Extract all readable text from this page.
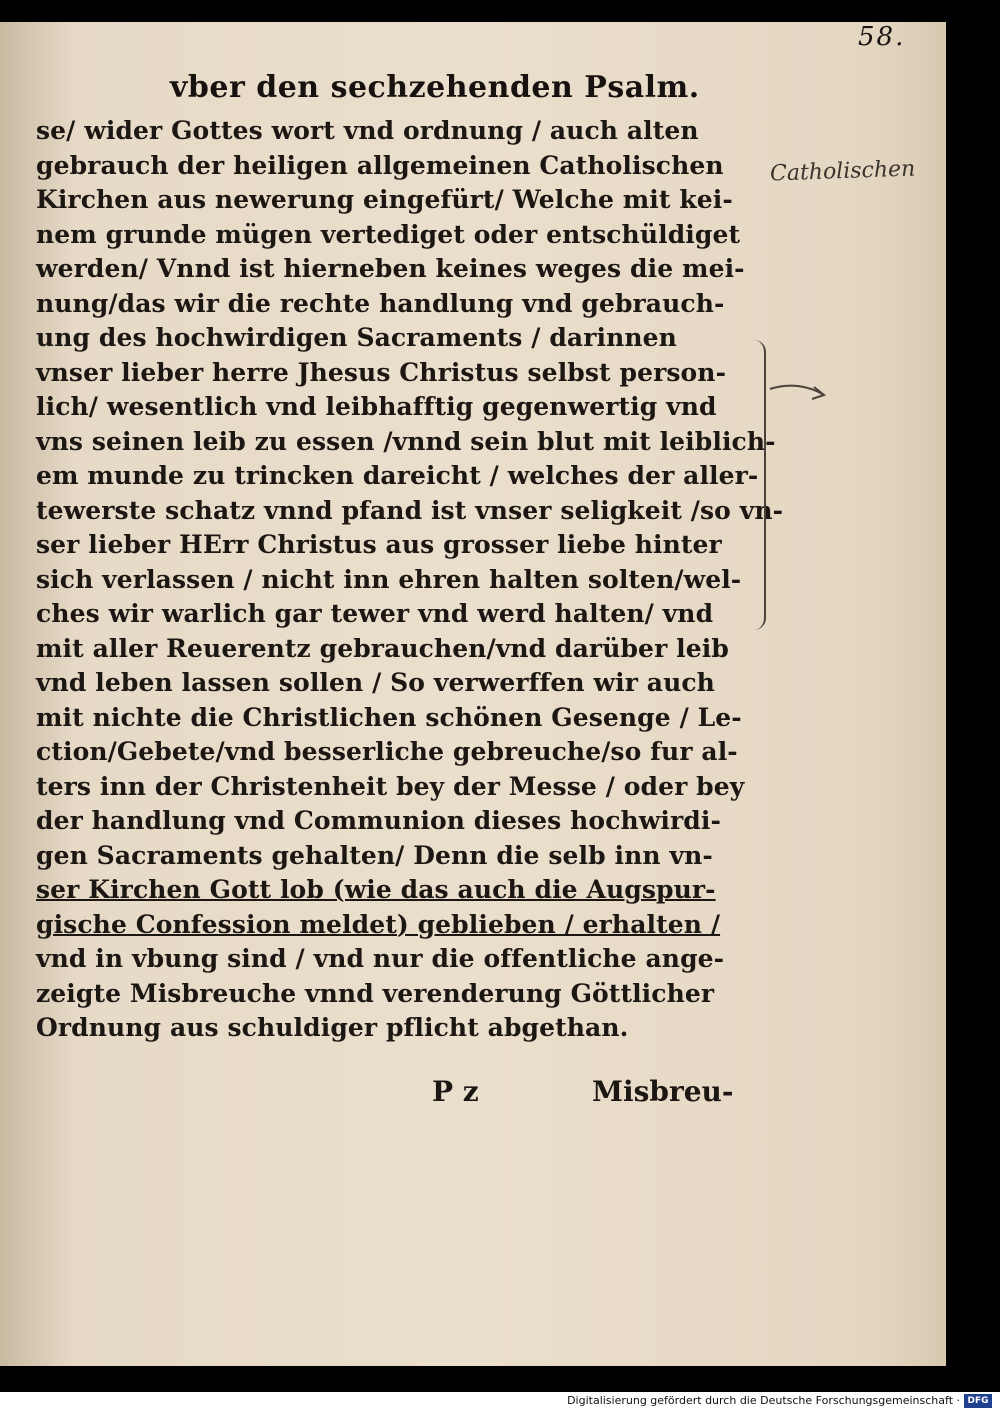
58.
vber den sechzehenden Psalm.
se/ wider Gottes wort vnd ordnung / auch alten
gebrauch der heiligen allgemeinen Catholischen
Kirchen aus newerung eingefürt/ Welche mit kei-
nem grunde mügen vertediget oder entschüldiget
werden/ Vnnd ist hierneben keines weges die mei-
nung/das wir die rechte handlung vnd gebrauch-
ung des hochwirdigen Sacraments / darinnen
vnser lieber herre Jhesus Christus selbst person-
lich/ wesentlich vnd leibhafftig gegenwertig vnd
vns seinen leib zu essen /vnnd sein blut mit leiblich-
em munde zu trincken dareicht / welches der aller-
tewerste schatz vnnd pfand ist vnser seligkeit /so vn-
ser lieber HErr Christus aus grosser liebe hinter
sich verlassen / nicht inn ehren halten solten/wel-
ches wir warlich gar tewer vnd werd halten/ vnd
mit aller Reuerentz gebrauchen/vnd darüber leib
vnd leben lassen sollen / So verwerffen wir auch
mit nichte die Christlichen schönen Gesenge / Le-
ction/Gebete/vnd besserliche gebreuche/so fur al-
ters inn der Christenheit bey der Messe / oder bey
der handlung vnd Communion dieses hochwirdi-
gen Sacraments gehalten/ Denn die selb inn vn-
ser Kirchen Gott lob (wie das auch die Augspur-
gische Confession meldet) geblieben / erhalten /
vnd in vbung sind / vnd nur die offentliche ange-
zeigte Misbreuche vnnd verenderung Göttlicher
Ordnung aus schuldiger pflicht abgethan.
Catholischen
P z	Misbreu-
Digitalisierung gefördert durch die Deutsche Forschungsgemeinschaft · DFG
